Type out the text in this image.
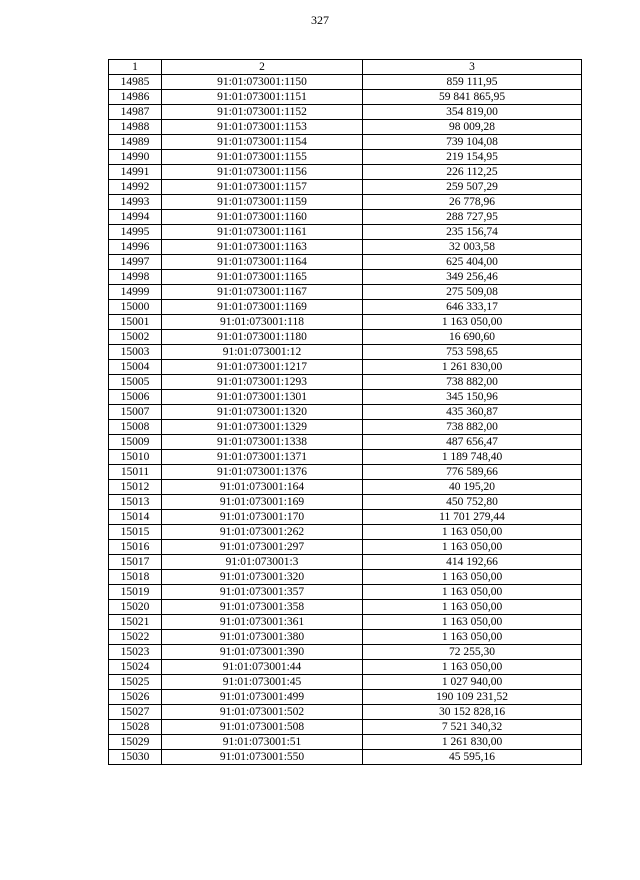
327
1	2	3
14985	91:01:073001:1150	859 111,95
14986	91:01:073001:1151	59 841 865,95
14987	91:01:073001:1152	354 819,00
14988	91:01:073001:1153	98 009,28
14989	91:01:073001:1154	739 104,08
14990	91:01:073001:1155	219 154,95
14991	91:01:073001:1156	226 112,25
14992	91:01:073001:1157	259 507,29
14993	91:01:073001:1159	26 778,96
14994	91:01:073001:1160	288 727,95
14995	91:01:073001:1161	235 156,74
14996	91:01:073001:1163	32 003,58
14997	91:01:073001:1164	625 404,00
14998	91:01:073001:1165	349 256,46
14999	91:01:073001:1167	275 509,08
15000	91:01:073001:1169	646 333,17
15001	91:01:073001:118	1 163 050,00
15002	91:01:073001:1180	16 690,60
15003	91:01:073001:12	753 598,65
15004	91:01:073001:1217	1 261 830,00
15005	91:01:073001:1293	738 882,00
15006	91:01:073001:1301	345 150,96
15007	91:01:073001:1320	435 360,87
15008	91:01:073001:1329	738 882,00
15009	91:01:073001:1338	487 656,47
15010	91:01:073001:1371	1 189 748,40
15011	91:01:073001:1376	776 589,66
15012	91:01:073001:164	40 195,20
15013	91:01:073001:169	450 752,80
15014	91:01:073001:170	11 701 279,44
15015	91:01:073001:262	1 163 050,00
15016	91:01:073001:297	1 163 050,00
15017	91:01:073001:3	414 192,66
15018	91:01:073001:320	1 163 050,00
15019	91:01:073001:357	1 163 050,00
15020	91:01:073001:358	1 163 050,00
15021	91:01:073001:361	1 163 050,00
15022	91:01:073001:380	1 163 050,00
15023	91:01:073001:390	72 255,30
15024	91:01:073001:44	1 163 050,00
15025	91:01:073001:45	1 027 940,00
15026	91:01:073001:499	190 109 231,52
15027	91:01:073001:502	30 152 828,16
15028	91:01:073001:508	7 521 340,32
15029	91:01:073001:51	1 261 830,00
15030	91:01:073001:550	45 595,16
